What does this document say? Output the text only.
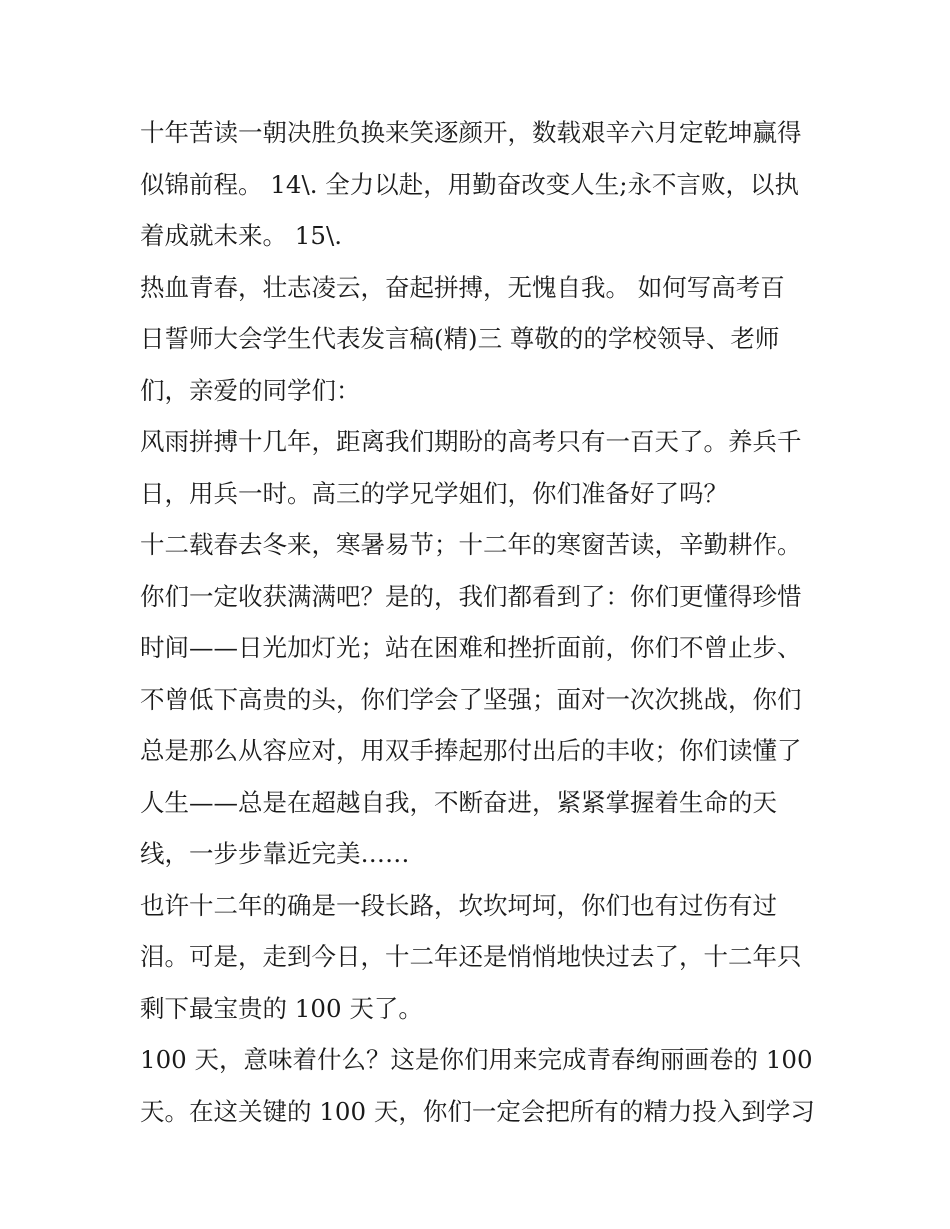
十年苦读一朝决胜负换来笑逐颜开，数载艰辛六月定乾坤赢得
似锦前程。 14\. 全力以赴，用勤奋改变人生;永不言败，以执
着成就未来。 15\.
热血青春，壮志凌云，奋起拼搏，无愧自我。 如何写高考百
日誓师大会学生代表发言稿(精)三 尊敬的的学校领导、老师
们，亲爱的同学们：
风雨拼搏十几年，距离我们期盼的高考只有一百天了。养兵千
日，用兵一时。高三的学兄学姐们，你们准备好了吗？
十二载春去冬来，寒暑易节；十二年的寒窗苦读，辛勤耕作。
你们一定收获满满吧？是的，我们都看到了：你们更懂得珍惜
时间——日光加灯光；站在困难和挫折面前，你们不曾止步、
不曾低下高贵的头，你们学会了坚强；面对一次次挑战，你们
总是那么从容应对，用双手捧起那付出后的丰收；你们读懂了
人生——总是在超越自我，不断奋进，紧紧掌握着生命的天
线，一步步靠近完美……
也许十二年的确是一段长路，坎坎坷坷，你们也有过伤有过
泪。可是，走到今日，十二年还是悄悄地快过去了，十二年只
剩下最宝贵的 100 天了。
100 天，意味着什么？这是你们用来完成青春绚丽画卷的 100
天。在这关键的 100 天，你们一定会把所有的精力投入到学习
